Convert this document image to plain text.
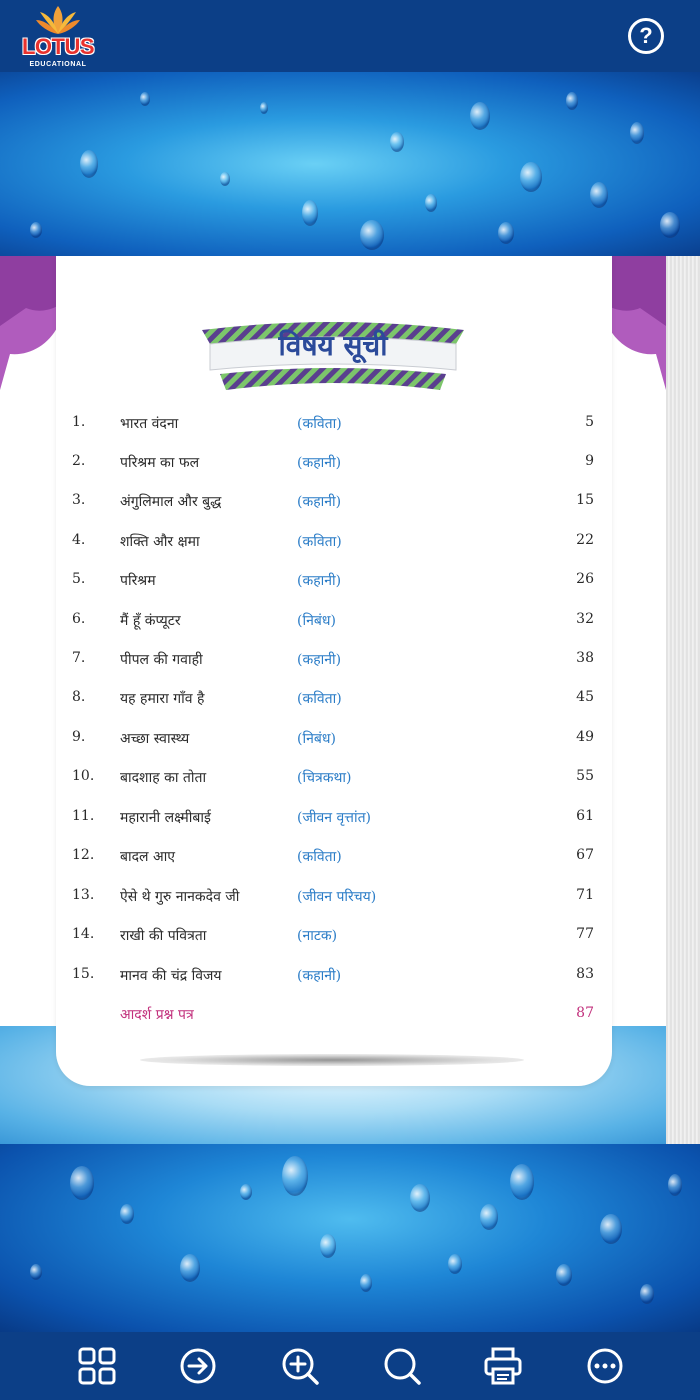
LOTUS
EDUCATIONAL
?
विषय सूची
1.	भारत वंदना	(कविता)	5
2.	परिश्रम का फल	(कहानी)	9
3.	अंगुलिमाल और बुद्ध	(कहानी)	15
4.	शक्ति और क्षमा	(कविता)	22
5.	परिश्रम	(कहानी)	26
6.	मैं हूँ कंप्यूटर	(निबंध)	32
7.	पीपल की गवाही	(कहानी)	38
8.	यह हमारा गाँव है	(कविता)	45
9.	अच्छा स्वास्थ्य	(निबंध)	49
10.	बादशाह का तोता	(चित्रकथा)	55
11.	महारानी लक्ष्मीबाई	(जीवन वृत्तांत)	61
12.	बादल आए	(कविता)	67
13.	ऐसे थे गुरु नानकदेव जी	(जीवन परिचय)	71
14.	राखी की पवित्रता	(नाटक)	77
15.	मानव की चंद्र विजय	(कहानी)	83
आदर्श प्रश्न पत्र	87
